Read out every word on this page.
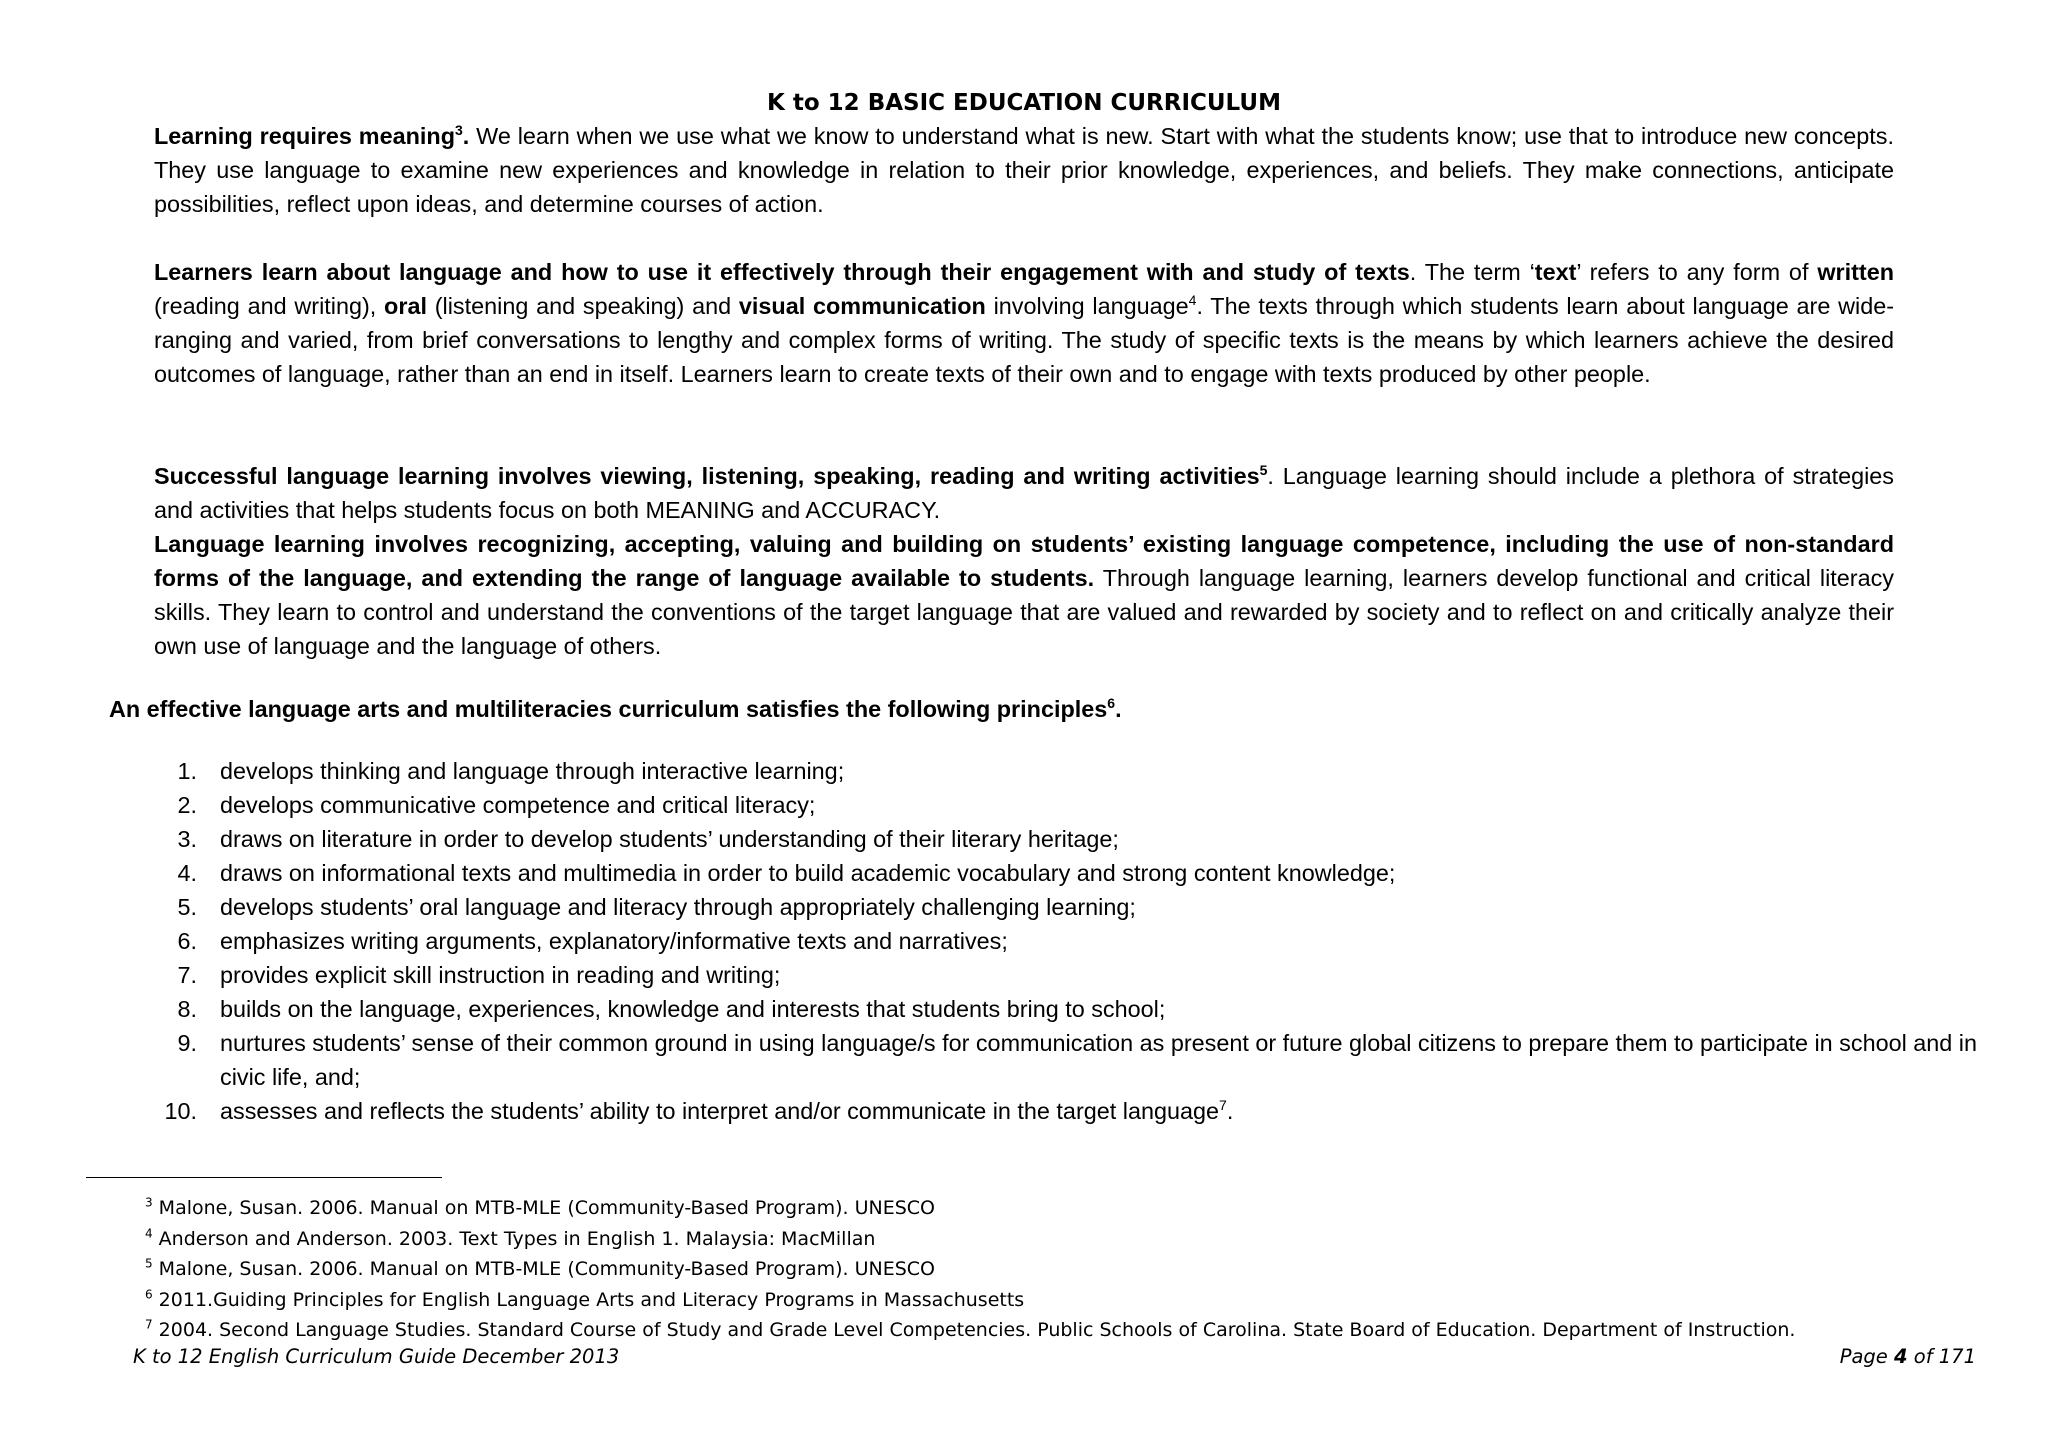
K to 12 BASIC EDUCATION CURRICULUM
Learning requires meaning$^3$. We learn when we use what we know to understand what is new. Start with what the students know; use that to introduce new concepts. They use language to examine new experiences and knowledge in relation to their prior knowledge, experiences, and beliefs. They make connections, anticipate possibilities, reflect upon ideas, and determine courses of action.
Learners learn about language and how to use it effectively through their engagement with and study of texts. The term ‘text’ refers to any form of written (reading and writing), oral (listening and speaking) and visual communication involving language$^4$. The texts through which students learn about language are wide-ranging and varied, from brief conversations to lengthy and complex forms of writing. The study of specific texts is the means by which learners achieve the desired outcomes of language, rather than an end in itself. Learners learn to create texts of their own and to engage with texts produced by other people.
Successful language learning involves viewing, listening, speaking, reading and writing activities$^5$. Language learning should include a plethora of strategies and activities that helps students focus on both MEANING and ACCURACY.
Language learning involves recognizing, accepting, valuing and building on students’ existing language competence, including the use of non-standard forms of the language, and extending the range of language available to students. Through language learning, learners develop functional and critical literacy skills. They learn to control and understand the conventions of the target language that are valued and rewarded by society and to reflect on and critically analyze their own use of language and the language of others.
An effective language arts and multiliteracies curriculum satisfies the following principles$^6$.
1. develops thinking and language through interactive learning;
2. develops communicative competence and critical literacy;
3. draws on literature in order to develop students’ understanding of their literary heritage;
4. draws on informational texts and multimedia in order to build academic vocabulary and strong content knowledge;
5. develops students’ oral language and literacy through appropriately challenging learning;
6. emphasizes writing arguments, explanatory/informative texts and narratives;
7. provides explicit skill instruction in reading and writing;
8. builds on the language, experiences, knowledge and interests that students bring to school;
9. nurtures students’ sense of their common ground in using language/s for communication as present or future global citizens to prepare them to participate in school and in civic life, and;
10. assesses and reflects the students’ ability to interpret and/or communicate in the target language$^7$.
$^3$ Malone, Susan. 2006. Manual on MTB-MLE (Community-Based Program). UNESCO
$^4$ Anderson and Anderson. 2003. Text Types in English 1. Malaysia: MacMillan
$^5$ Malone, Susan. 2006. Manual on MTB-MLE (Community-Based Program). UNESCO
$^6$ 2011.Guiding Principles for English Language Arts and Literacy Programs in Massachusetts
$^7$ 2004. Second Language Studies. Standard Course of Study and Grade Level Competencies. Public Schools of Carolina. State Board of Education. Department of Instruction.
K to 12 English Curriculum Guide December 2013	Page 4 of 171
